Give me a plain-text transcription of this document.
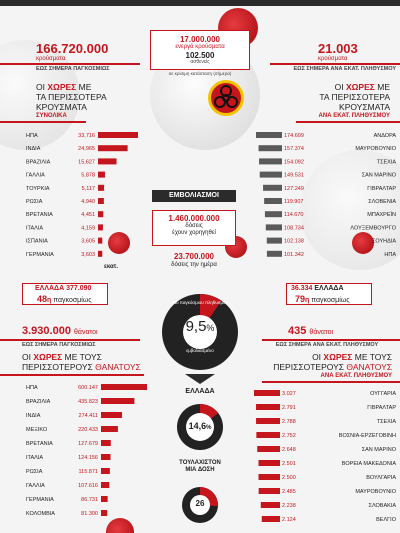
166.720.000
κρούσματα
ΕΩΣ ΣΗΜΕΡΑ ΠΑΓΚΟΣΜΙΩΣ
17.000.000
ενεργά κρούσματα
102.500
ασθενείς
σε κρίσιμη κατάσταση (σήμερα)
21.003
κρούσματα
ΕΩΣ ΣΗΜΕΡΑ ΑΝΑ ΕΚΑΤ. ΠΛΗΘΥΣΜΟΥ
ΟΙ ΧΩΡΕΣ ΜΕ
ΤΑ ΠΕΡΙΣΣΟΤΕΡΑ
ΚΡΟΥΣΜΑΤΑ
ΣΥΝΟΛΙΚΑ
ΗΠΑ	33,716
ΙΝΔΙΑ	24,965
ΒΡΑΖΙΛΙΑ	15,627
ΓΑΛΛΙΑ	5,878
ΤΟΥΡΚΙΑ	5,117
ΡΩΣΙΑ	4,940
ΒΡΕΤΑΝΙΑ	4,451
ΙΤΑΛΙΑ	4,159
ΙΣΠΑΝΙΑ	3,605
ΓΕΡΜΑΝΙΑ	3,603
εκατ.
ΕΛΛΑΔΑ 377.090
48η παγκοσμίως
ΟΙ ΧΩΡΕΣ ΜΕ
ΤΑ ΠΕΡΙΣΣΟΤΕΡΑ
ΚΡΟΥΣΜΑΤΑ
ΑΝΑ ΕΚΑΤ. ΠΛΗΘΥΣΜΟΥ
174.609	ΑΝΔΟΡΑ
157.374	ΜΑΥΡΟΒΟΥΝΙΟ
154.092	ΤΣΕΧΙΑ
149.531	ΣΑΝ ΜΑΡΙΝΟ
127.249	ΓΙΒΡΑΛΤΑΡ
119.907	ΣΛΟΒΕΝΙΑ
114.670	ΜΠΑΧΡΕΪΝ
108.734	ΛΟΥΞΕΜΒΟΥΡΓΟ
102.138	ΣΟΥΗΔΙΑ
101.342	ΗΠΑ
36.334 ΕΛΛΑΔΑ
79η παγκοσμίως
ΕΜΒΟΛΙΑΣΜΟΙ
1.460.000.000
δόσεις
έχουν χορηγηθεί
23.700.000
δόσεις την ημέρα
9,5%
του παγκόσμιου πληθυσμού
πλήρως
εμβολιασμένο
ΕΛΛΑΔΑ
14,6%
ΤΟΥΛΑΧΙΣΤΟΝ
ΜΙΑ ΔΟΣΗ
26
3.930.000 θάνατοι
ΕΩΣ ΣΗΜΕΡΑ ΠΑΓΚΟΣΜΙΩΣ
ΟΙ ΧΩΡΕΣ ΜΕ ΤΟΥΣ
ΠΕΡΙΣΣΟΤΕΡΟΥΣ ΘΑΝΑΤΟΥΣ
ΗΠΑ	600.147
ΒΡΑΖΙΛΙΑ	435.823
ΙΝΔΙΑ	274.411
ΜΕΞΙΚΟ	220.433
ΒΡΕΤΑΝΙΑ	127.679
ΙΤΑΛΙΑ	124.156
ΡΩΣΙΑ	115.871
ΓΑΛΛΙΑ	107.616
ΓΕΡΜΑΝΙΑ	86.731
ΚΟΛΟΜΒΙΑ	81.300
435 θάνατοι
ΕΩΣ ΣΗΜΕΡΑ ΑΝΑ ΕΚΑΤ. ΠΛΗΘΥΣΜΟΥ
ΟΙ ΧΩΡΕΣ ΜΕ ΤΟΥΣ
ΠΕΡΙΣΣΟΤΕΡΟΥΣ ΘΑΝΑΤΟΥΣ
ΑΝΑ ΕΚΑΤ. ΠΛΗΘΥΣΜΟΥ
3.027	ΟΥΓΓΑΡΙΑ
2.791	ΓΙΒΡΑΛΤΑΡ
2.788	ΤΣΕΧΙΑ
2.752	ΒΟΣΝΙΑ-ΕΡΖΕΓΟΒΙΝΗ
2.648	ΣΑΝ ΜΑΡΙΝΟ
2.501	ΒΟΡΕΙΑ ΜΑΚΕΔΟΝΙΑ
2.500	ΒΟΥΛΓΑΡΙΑ
2.485	ΜΑΥΡΟΒΟΥΝΙΟ
2.238	ΣΛΟΒΑΚΙΑ
2.124	ΒΕΛΓΙΟ
